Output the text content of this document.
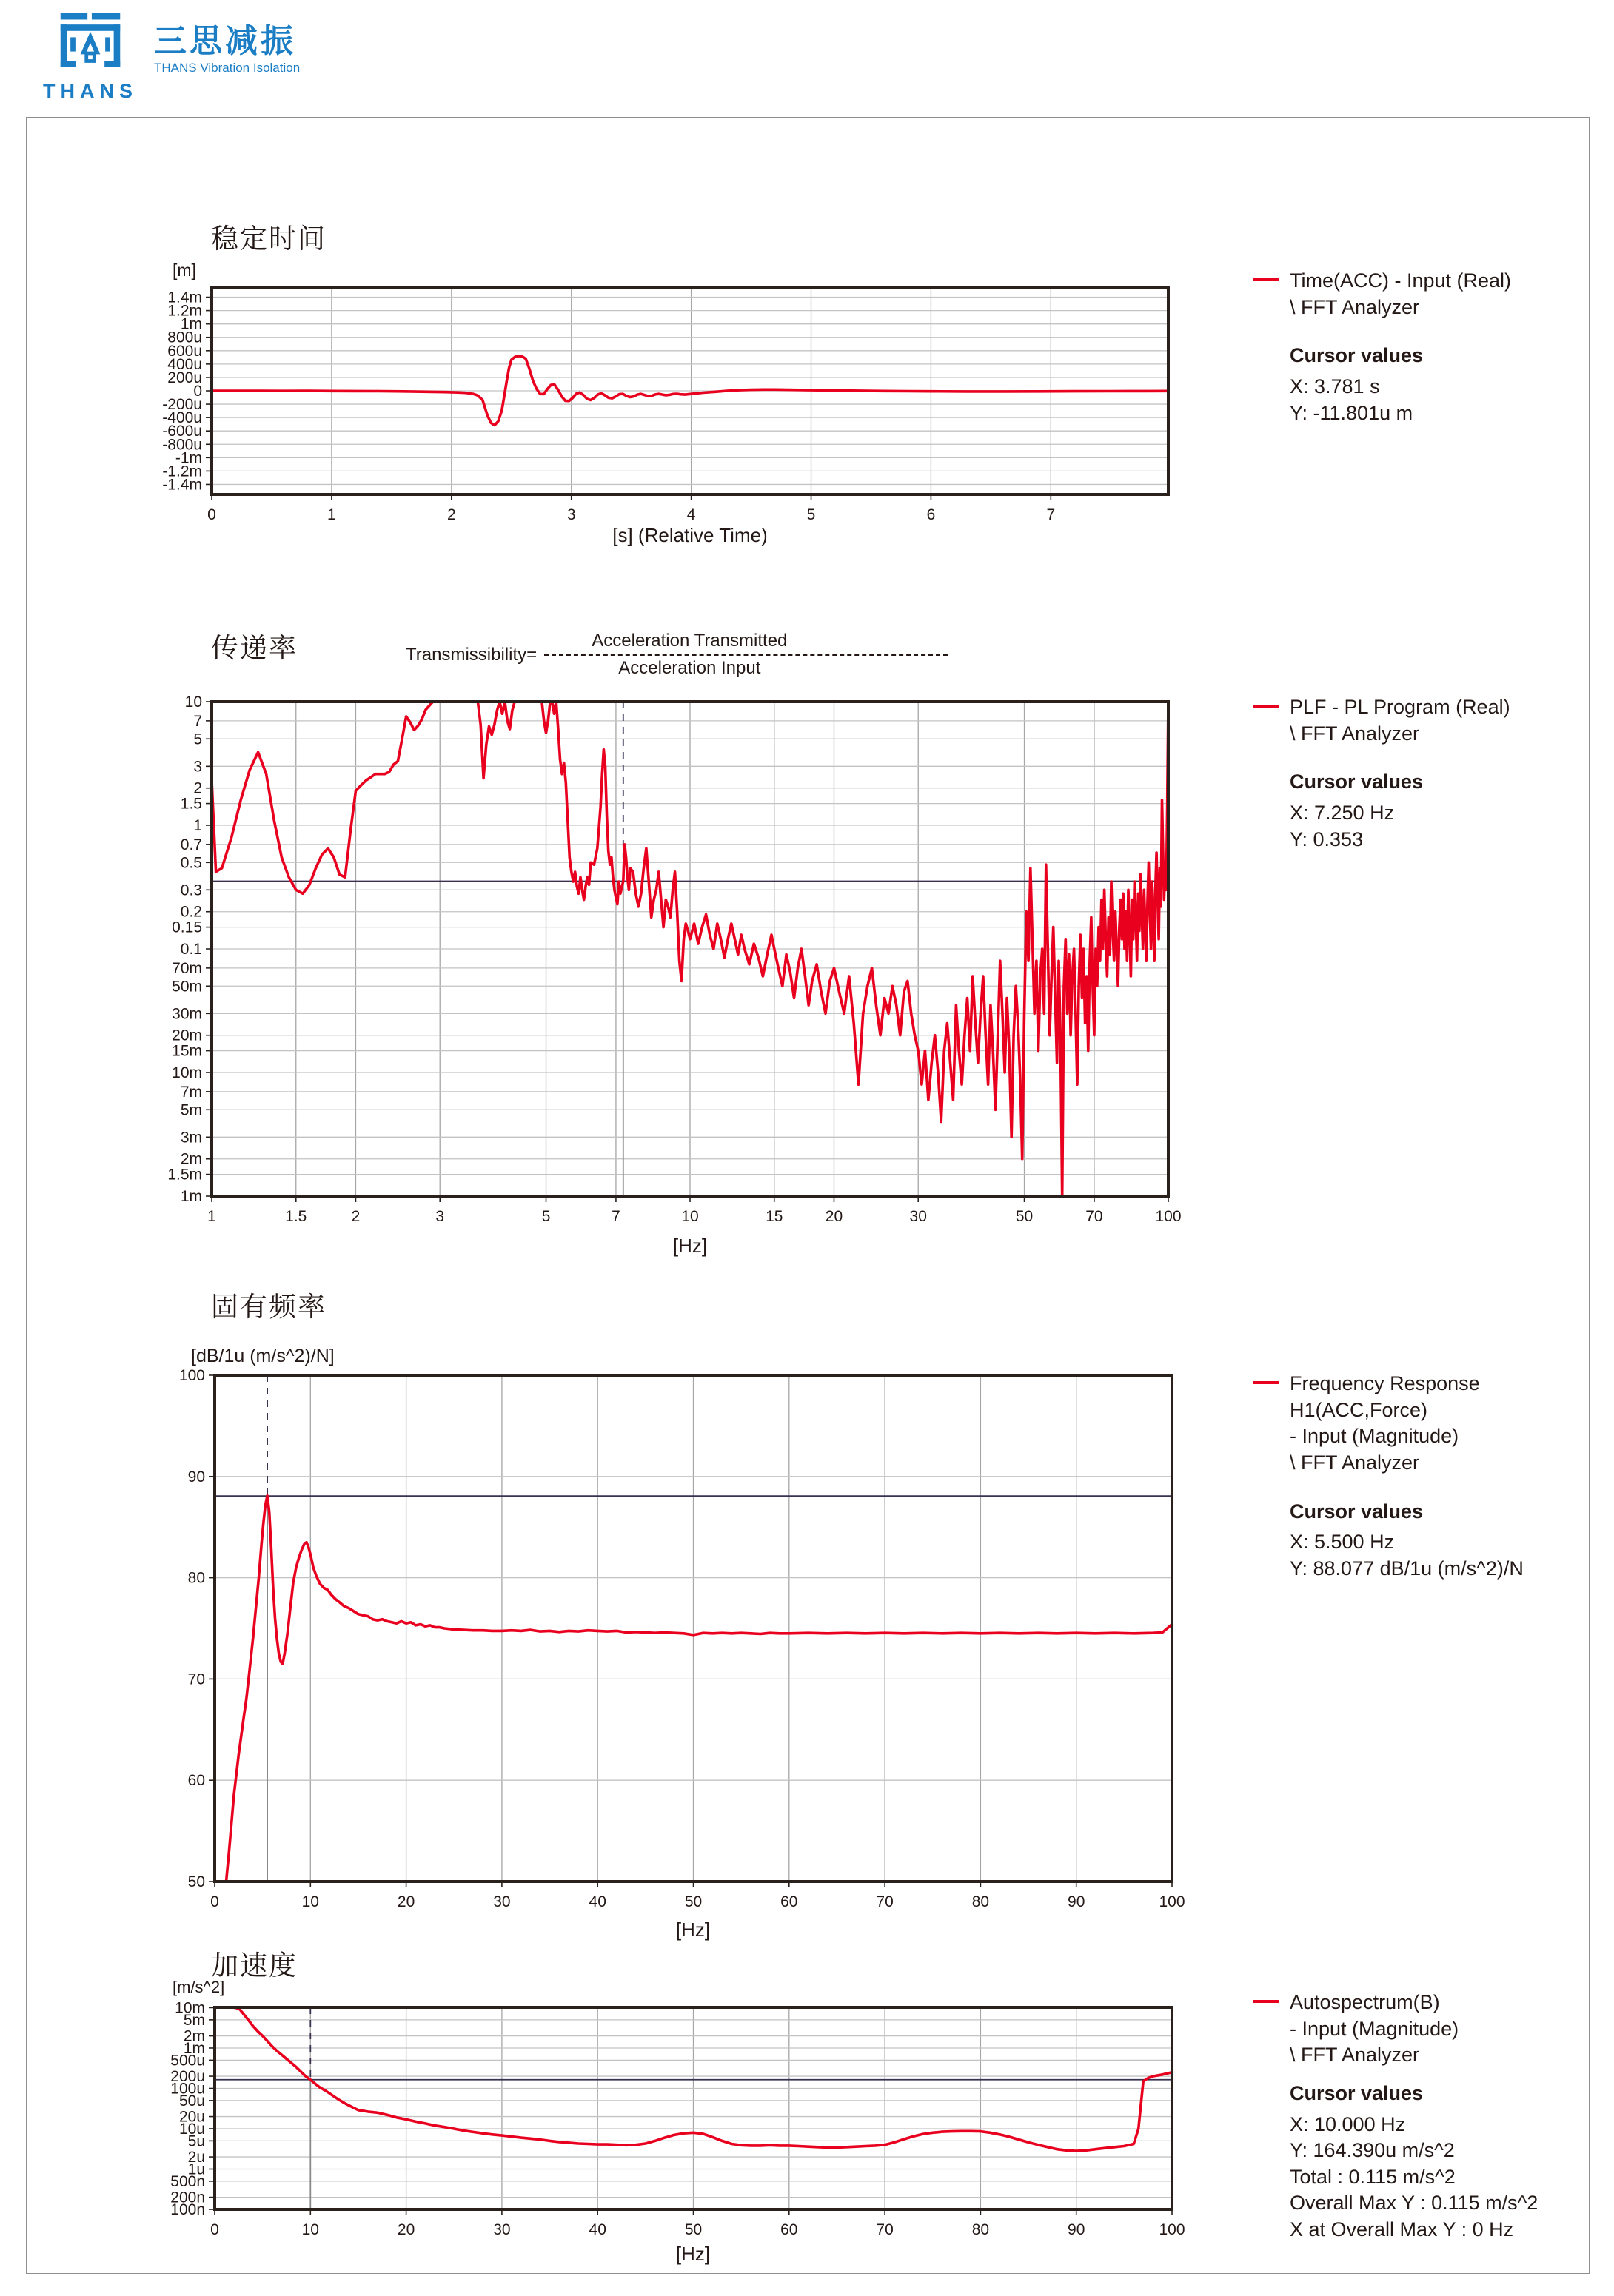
THANS
三思减振
THANS Vibration Isolation
稳定时间
[m]
1.4m
1.2m
1m
800u
600u
400u
200u
0
-200u
-400u
-600u
-800u
-1m
-1.2m
-1.4m
0	1	2	3	4	5	6	7
[s] (Relative Time)
Time(ACC) - Input (Real)
\ FFT Analyzer
Cursor values
X: 3.781 s
Y: -11.801u m
传递率	Transmissibility= $\frac{\text{Acceleration Transmitted}}{\text{Acceleration Input}}$
10
7
5
3
2
1.5
1
0.7
0.5
0.3
0.2
0.15
0.1
70m
50m
30m
20m
15m
10m
7m
5m
3m
2m
1.5m
1m
1	1.5	2	3	5	7	10	15	20	30	50	70	100
[Hz]
PLF - PL Program (Real)
\ FFT Analyzer
Cursor values
X: 7.250 Hz
Y: 0.353
固有频率
[dB/1u (m/s^2)/N]
100
90
80
70
60
50
0	10	20	30	40	50	60	70	80	90	100
[Hz]
Frequency Response
H1(ACC,Force)
- Input (Magnitude)
\ FFT Analyzer
Cursor values
X: 5.500 Hz
Y: 88.077 dB/1u (m/s^2)/N
加速度
[m/s^2]
10m
5m
2m
1m
500u
200u
100u
50u
20u
10u
5u
2u
1u
500n
200n
100n
0	10	20	30	40	50	60	70	80	90	100
[Hz]
Autospectrum(B)
- Input (Magnitude)
\ FFT Analyzer
Cursor values
X: 10.000 Hz
Y: 164.390u m/s^2
Total : 0.115 m/s^2
Overall Max Y : 0.115 m/s^2
X at Overall Max Y : 0 Hz
